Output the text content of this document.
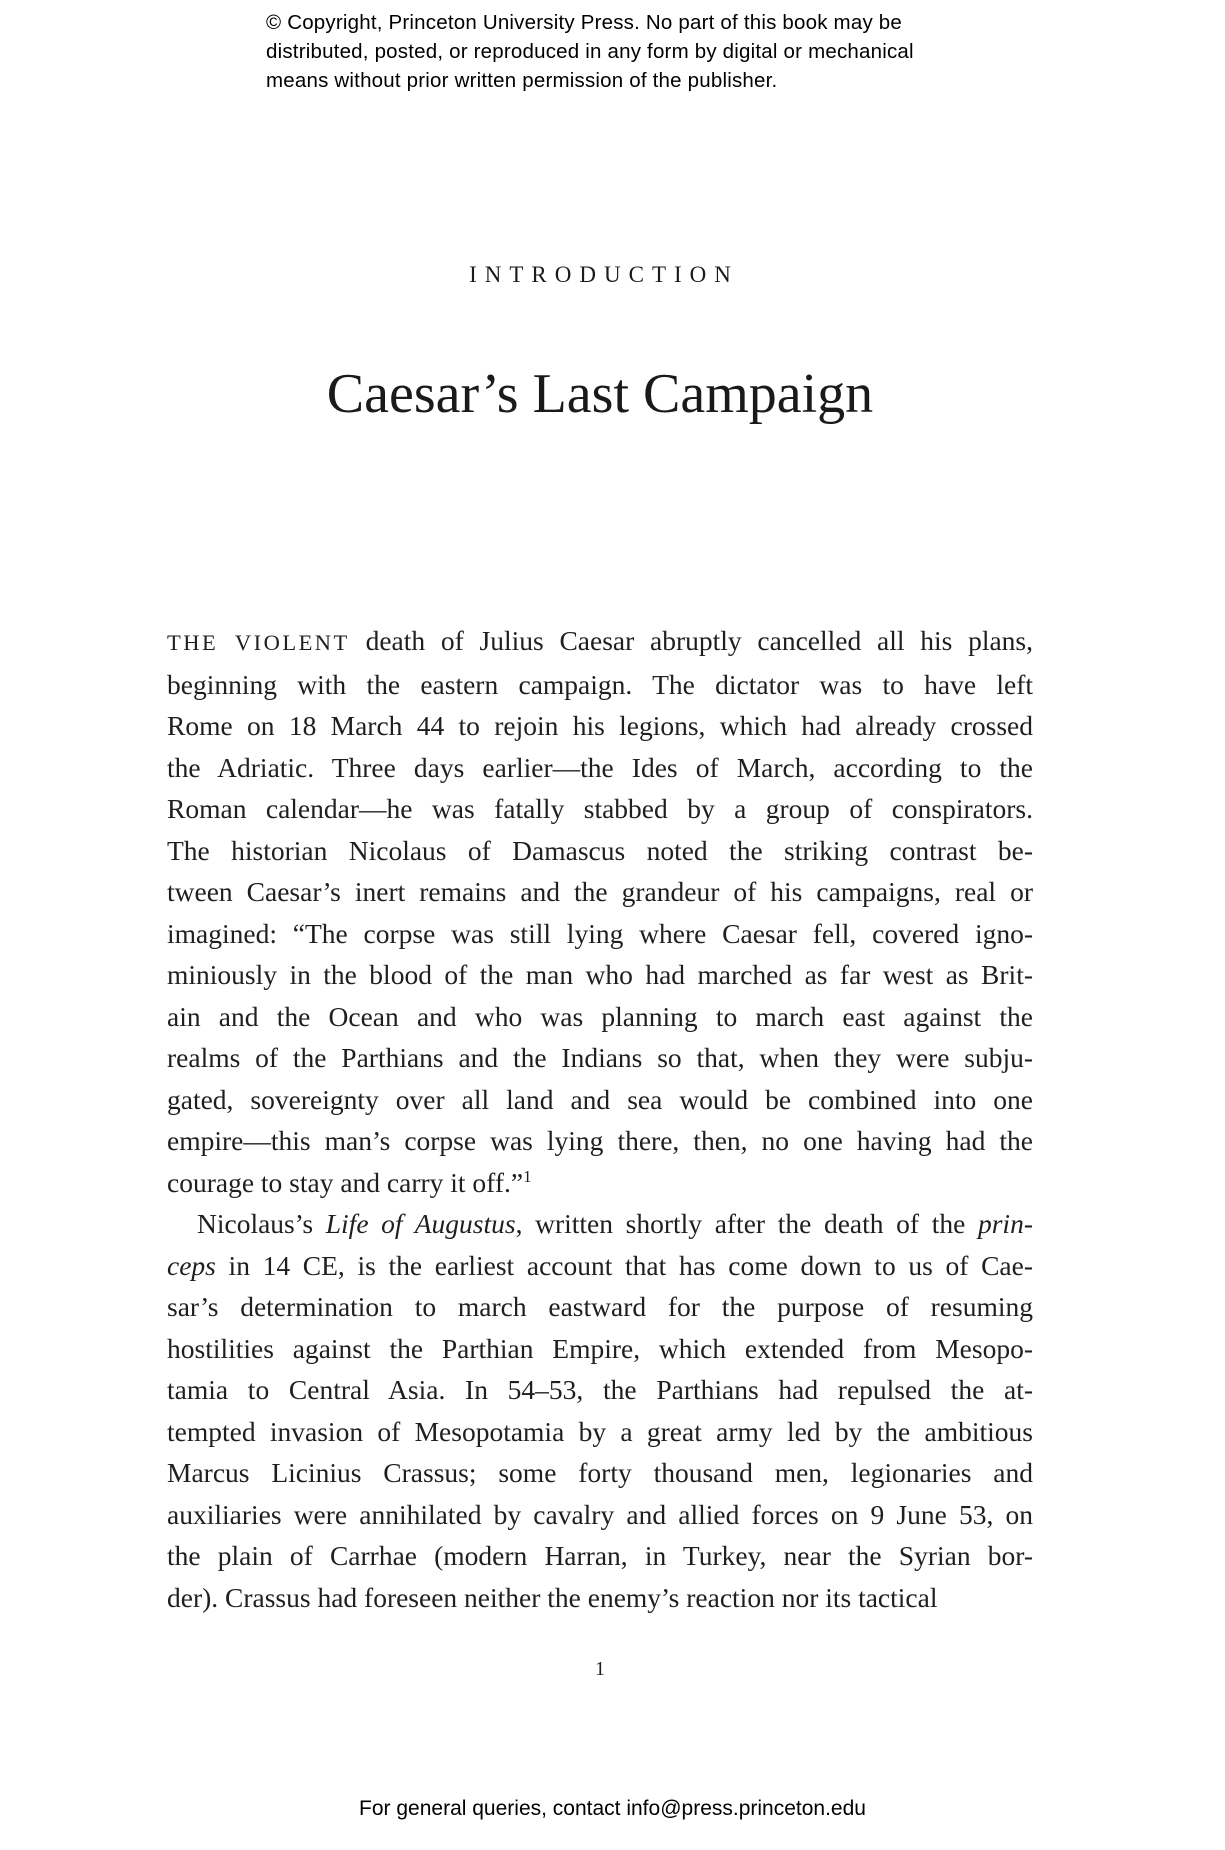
© Copyright, Princeton University Press. No part of this book may be
distributed, posted, or reproduced in any form by digital or mechanical
means without prior written permission of the publisher.
INTRODUCTION
Caesar’s Last Campaign
THE VIOLENT death of Julius Caesar abruptly cancelled all his plans,
beginning with the eastern campaign. The dictator was to have left
Rome on 18 March 44 to rejoin his legions, which had already crossed
the Adriatic. Three days earlier—the Ides of March, according to the
Roman calendar—he was fatally stabbed by a group of conspirators.
The historian Nicolaus of Damascus noted the striking contrast be-
tween Caesar’s inert remains and the grandeur of his campaigns, real or
imagined: “The corpse was still lying where Caesar fell, covered igno-
miniously in the blood of the man who had marched as far west as Brit-
ain and the Ocean and who was planning to march east against the
realms of the Parthians and the Indians so that, when they were subju-
gated, sovereignty over all land and sea would be combined into one
empire—this man’s corpse was lying there, then, no one having had the
courage to stay and carry it off.”$^1$
Nicolaus’s Life of Augustus, written shortly after the death of the prin-
ceps in 14 CE, is the earliest account that has come down to us of Cae-
sar’s determination to march eastward for the purpose of resuming
hostilities against the Parthian Empire, which extended from Mesopo-
tamia to Central Asia. In 54–53, the Parthians had repulsed the at-
tempted invasion of Mesopotamia by a great army led by the ambitious
Marcus Licinius Crassus; some forty thousand men, legionaries and
auxiliaries were annihilated by cavalry and allied forces on 9 June 53, on
the plain of Carrhae (modern Harran, in Turkey, near the Syrian bor-
der). Crassus had foreseen neither the enemy’s reaction nor its tactical
1
For general queries, contact info@press.princeton.edu
